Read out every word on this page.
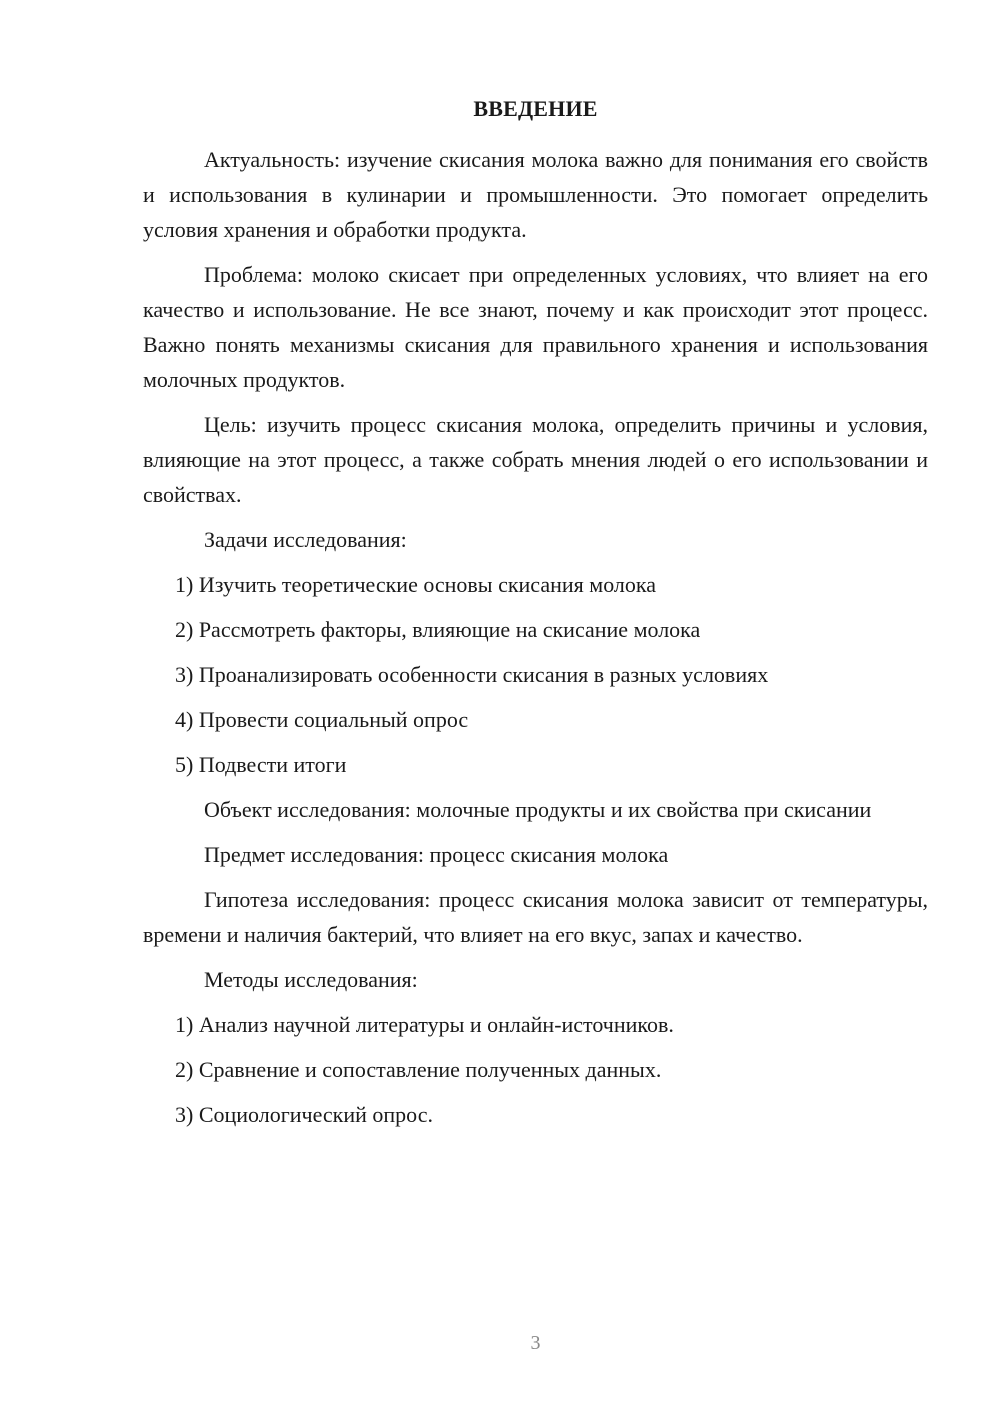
ВВЕДЕНИЕ

Актуальность: изучение скисания молока важно для понимания его свойств и использования в кулинарии и промышленности. Это помогает определить условия хранения и обработки продукта.

Проблема: молоко скисает при определенных условиях, что влияет на его качество и использование. Не все знают, почему и как происходит этот процесс. Важно понять механизмы скисания для правильного хранения и использования молочных продуктов.

Цель: изучить процесс скисания молока, определить причины и условия, влияющие на этот процесс, а также собрать мнения людей о его использовании и свойствах.

Задачи исследования:

1) Изучить теоретические основы скисания молока

2) Рассмотреть факторы, влияющие на скисание молока

3) Проанализировать особенности скисания в разных условиях

4) Провести социальный опрос

5) Подвести итоги

Объект исследования: молочные продукты и их свойства при скисании

Предмет исследования: процесс скисания молока

Гипотеза исследования: процесс скисания молока зависит от температуры, времени и наличия бактерий, что влияет на его вкус, запах и качество.

Методы исследования:

1) Анализ научной литературы и онлайн-источников.

2) Сравнение и сопоставление полученных данных.

3) Социологический опрос.

3
